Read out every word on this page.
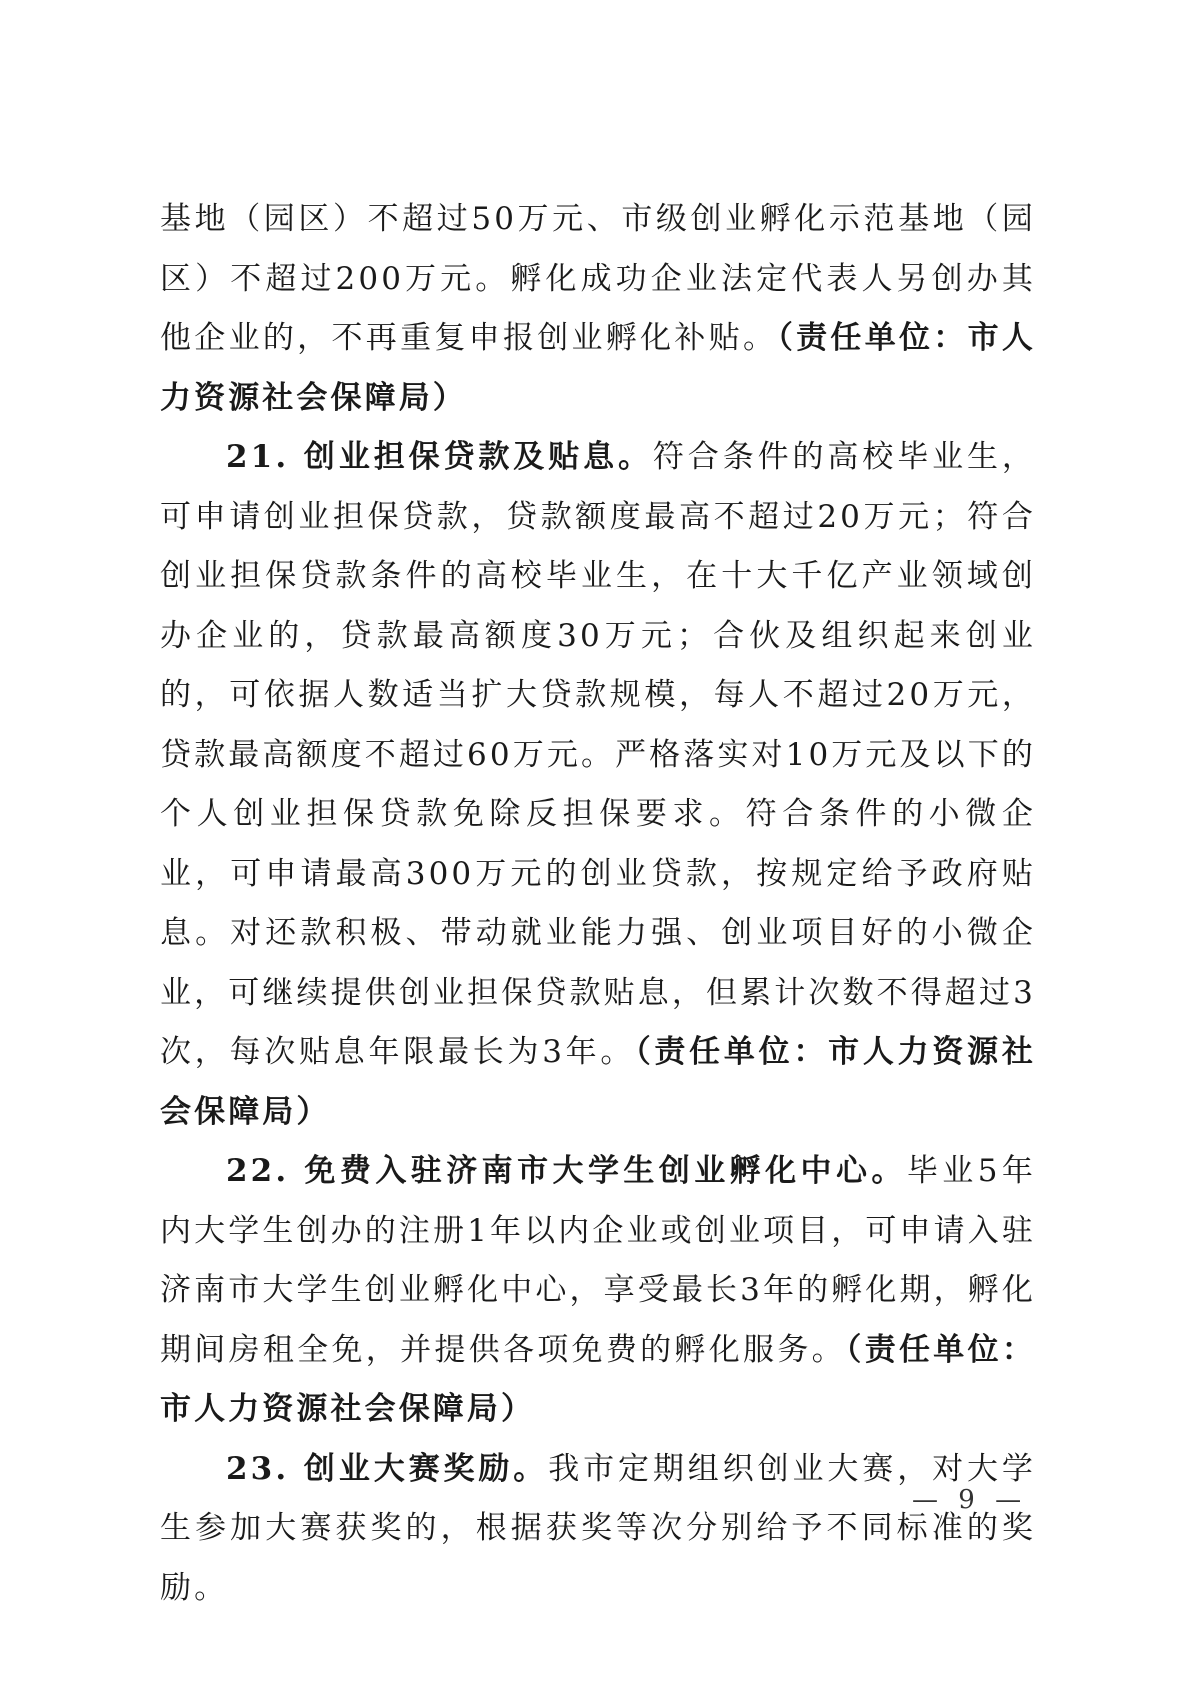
基地（园区）不超过50万元、市级创业孵化示范基地（园区）不超过200万元。孵化成功企业法定代表人另创办其他企业的，不再重复申报创业孵化补贴。（责任单位：市人力资源社会保障局）

21. 创业担保贷款及贴息。符合条件的高校毕业生，可申请创业担保贷款，贷款额度最高不超过20万元；符合创业担保贷款条件的高校毕业生，在十大千亿产业领域创办企业的，贷款最高额度30万元；合伙及组织起来创业的，可依据人数适当扩大贷款规模，每人不超过20万元，贷款最高额度不超过60万元。严格落实对10万元及以下的个人创业担保贷款免除反担保要求。符合条件的小微企业，可申请最高300万元的创业贷款，按规定给予政府贴息。对还款积极、带动就业能力强、创业项目好的小微企业，可继续提供创业担保贷款贴息，但累计次数不得超过3次，每次贴息年限最长为3年。（责任单位：市人力资源社会保障局）

22. 免费入驻济南市大学生创业孵化中心。毕业5年内大学生创办的注册1年以内企业或创业项目，可申请入驻济南市大学生创业孵化中心，享受最长3年的孵化期，孵化期间房租全免，并提供各项免费的孵化服务。（责任单位：市人力资源社会保障局）

23. 创业大赛奖励。我市定期组织创业大赛，对大学生参加大赛获奖的，根据获奖等次分别给予不同标准的奖励。

— 9 —
